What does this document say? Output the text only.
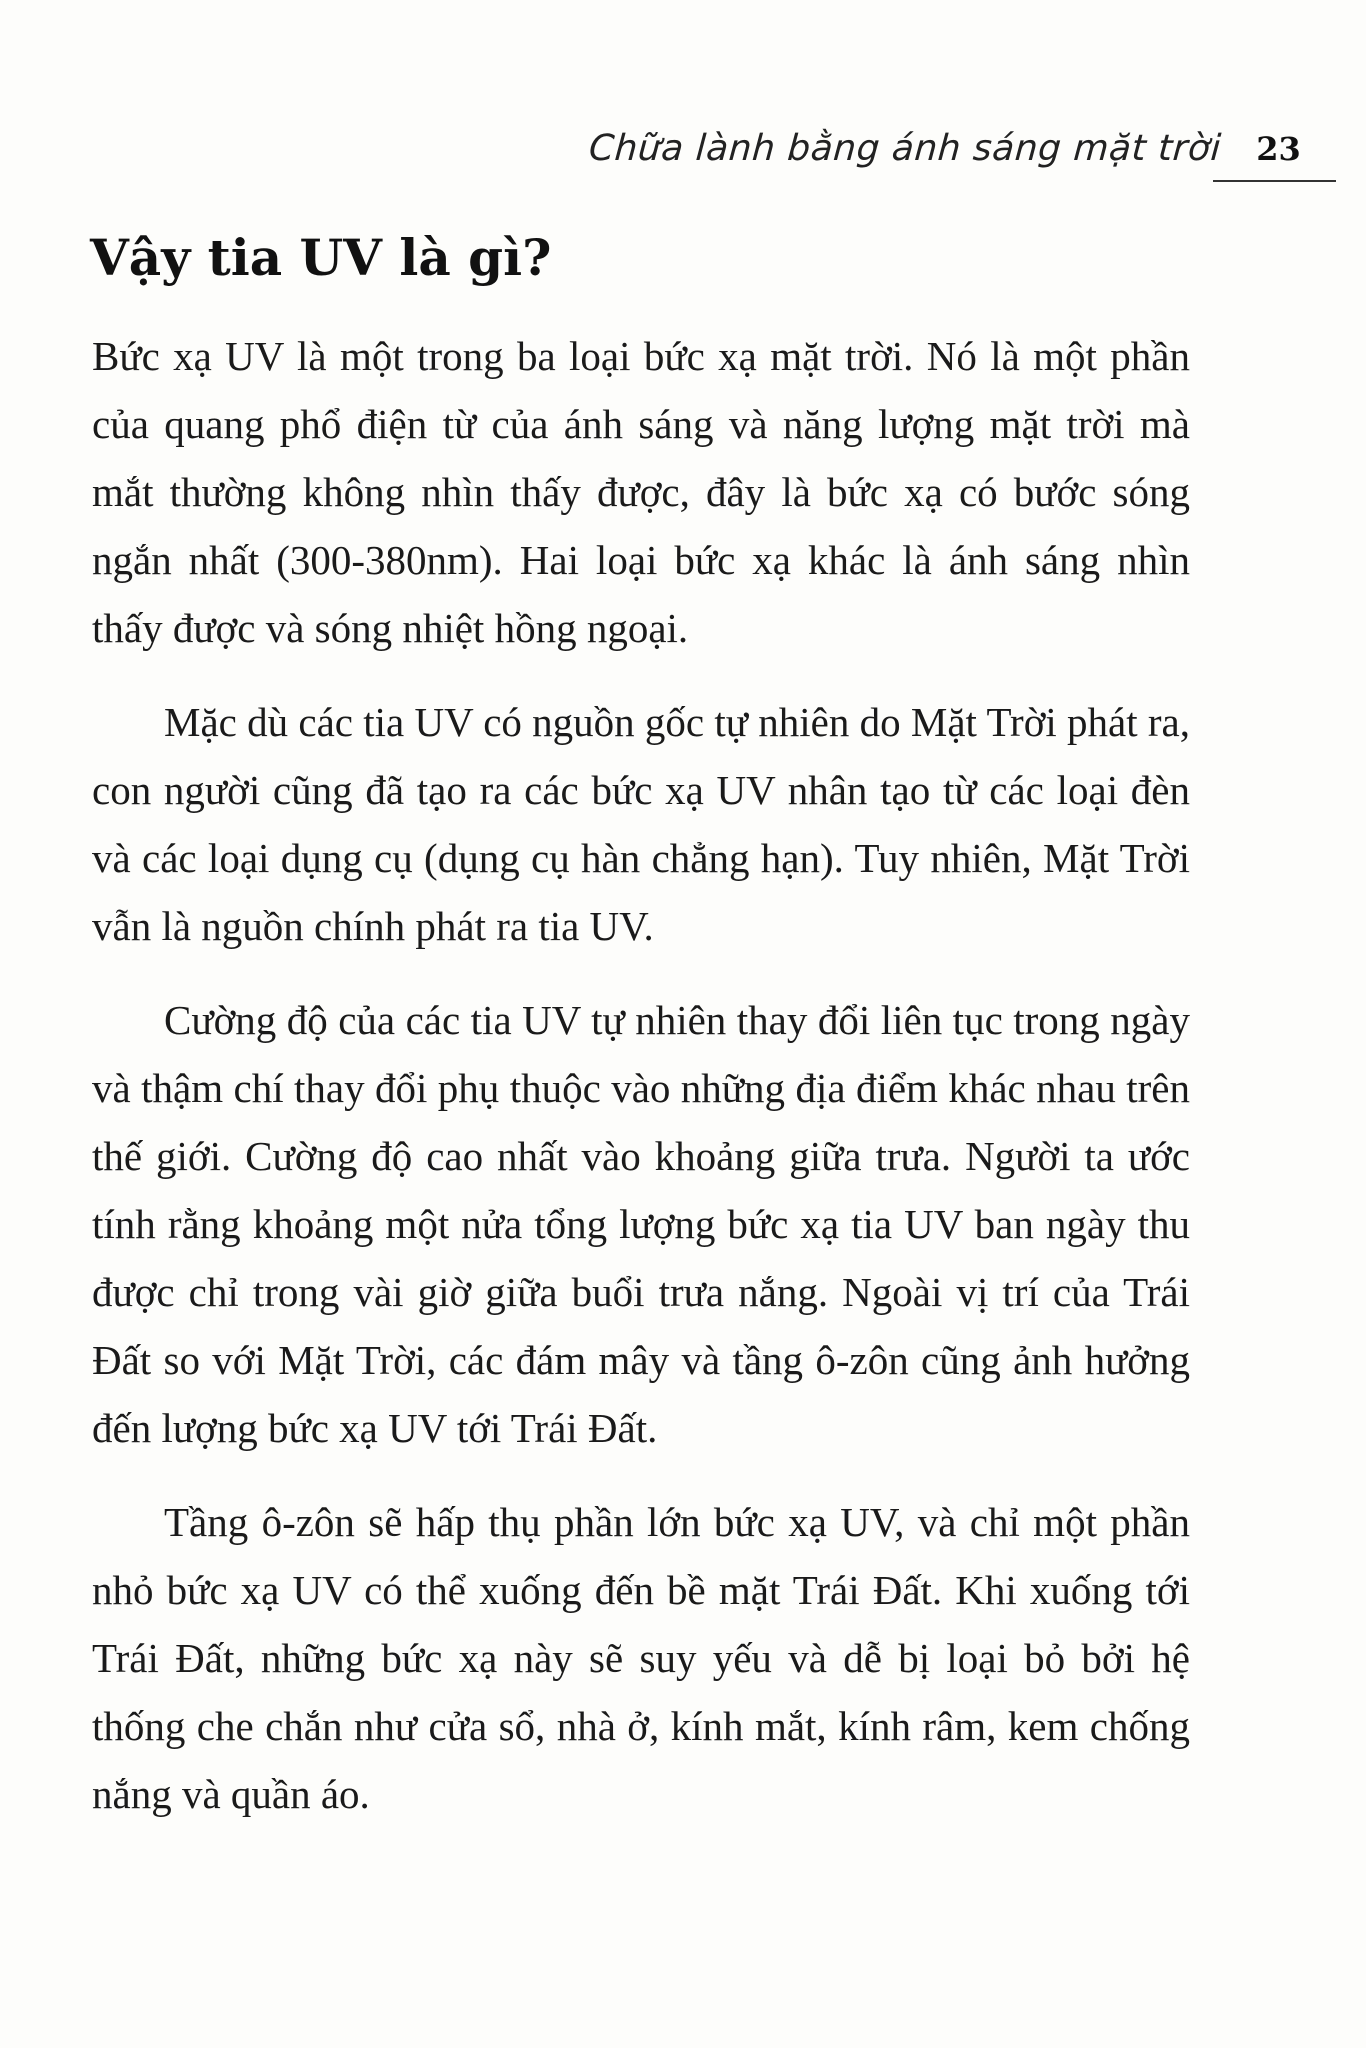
Chữa lành bằng ánh sáng mặt trời	23
Vậy tia UV là gì?

Bức xạ UV là một trong ba loại bức xạ mặt trời. Nó là một phần của quang phổ điện từ của ánh sáng và năng lượng mặt trời mà mắt thường không nhìn thấy được, đây là bức xạ có bước sóng ngắn nhất (300-380nm). Hai loại bức xạ khác là ánh sáng nhìn thấy được và sóng nhiệt hồng ngoại.

Mặc dù các tia UV có nguồn gốc tự nhiên do Mặt Trời phát ra, con người cũng đã tạo ra các bức xạ UV nhân tạo từ các loại đèn và các loại dụng cụ (dụng cụ hàn chẳng hạn). Tuy nhiên, Mặt Trời vẫn là nguồn chính phát ra tia UV.

Cường độ của các tia UV tự nhiên thay đổi liên tục trong ngày và thậm chí thay đổi phụ thuộc vào những địa điểm khác nhau trên thế giới. Cường độ cao nhất vào khoảng giữa trưa. Người ta ước tính rằng khoảng một nửa tổng lượng bức xạ tia UV ban ngày thu được chỉ trong vài giờ giữa buổi trưa nắng. Ngoài vị trí của Trái Đất so với Mặt Trời, các đám mây và tầng ô-zôn cũng ảnh hưởng đến lượng bức xạ UV tới Trái Đất.

Tầng ô-zôn sẽ hấp thụ phần lớn bức xạ UV, và chỉ một phần nhỏ bức xạ UV có thể xuống đến bề mặt Trái Đất. Khi xuống tới Trái Đất, những bức xạ này sẽ suy yếu và dễ bị loại bỏ bởi hệ thống che chắn như cửa sổ, nhà ở, kính mắt, kính râm, kem chống nắng và quần áo.
